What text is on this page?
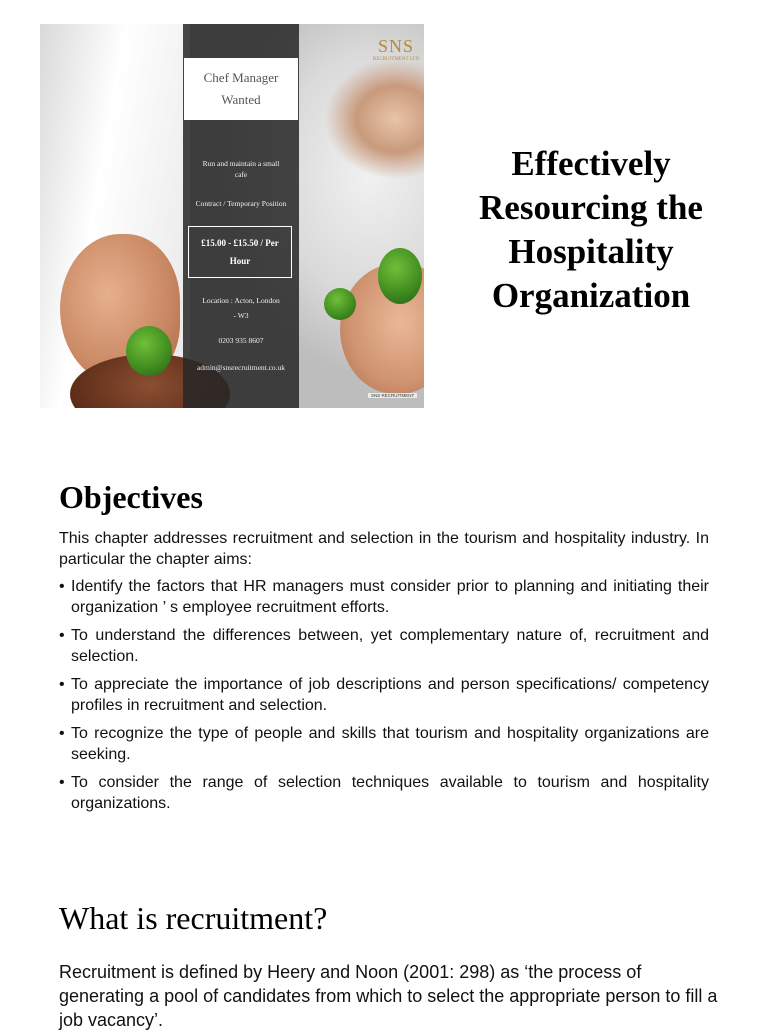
Chef Manager
Wanted
Run and maintain a small
cafe
Contract / Temporary Position
£15.00 - £15.50 / Per
Hour
Location : Acton, London
- W3
0203 935 8607
admin@snsrecruitment.co.uk
SNS
RECRUITMENT LTD
SNS RECRUITMENT
Effectively
Resourcing the
Hospitality
Organization
Objectives
This chapter addresses recruitment and selection in the tourism and hospitality industry. In particular the chapter aims:
• Identify the factors that HR managers must consider prior to planning and initiating their organization ’ s employee recruitment efforts.
• To understand the differences between, yet complementary nature of, recruitment and selection.
• To appreciate the importance of job descriptions and person specifications/ competency profiles in recruitment and selection.
• To recognize the type of people and skills that tourism and hospitality organizations are seeking.
• To consider the range of selection techniques available to tourism and hospitality organizations.
What is recruitment?
Recruitment is defined by Heery and Noon (2001: 298) as ‘the process of generating a pool of candidates from which to select the appropriate person to fill a job vacancy’.
